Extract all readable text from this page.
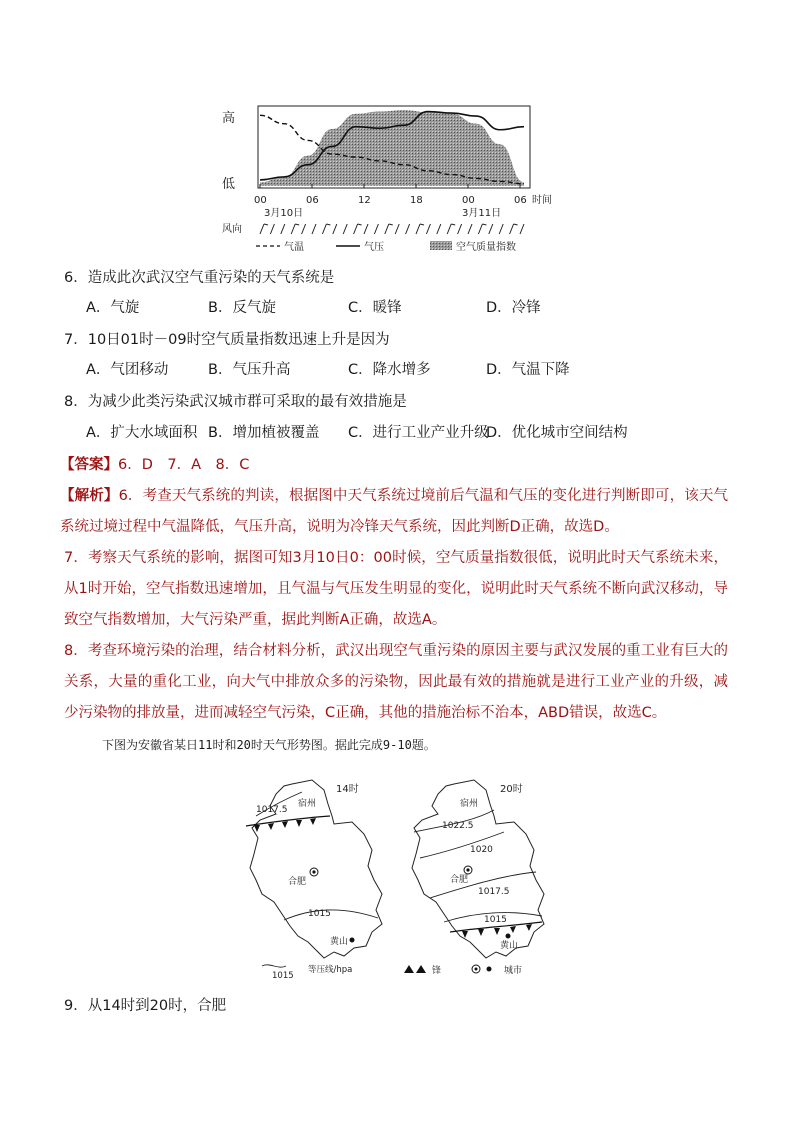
高
低
00	06	12	18	00	06 时间
3月10日	3月11日
风向
气温	气压	空气质量指数
6．造成此次武汉空气重污染的天气系统是
A．气旋	B．反气旋	C．暖锋	D．冷锋
7．10日01时－09时空气质量指数迅速上升是因为
A．气团移动	B．气压升高	C．降水增多	D．气温下降
8．为减少此类污染武汉城市群可采取的最有效措施是
A．扩大水域面积 B．增加植被覆盖 C．进行工业产业升级
D．优化城市空间结构
【答案】6．D　7．A　8．C
【解析】6．考查天气系统的判读，根据图中天气系统过境前后气温和气压的变化进行判断即可，该天气系统过境过程中气温降低，气压升高，说明为冷锋天气系统，因此判断D正确，故选D。
7．考察天气系统的影响，据图可知3月10日0：00时候，空气质量指数很低，说明此时天气系统未来，从1时开始，空气指数迅速增加，且气温与气压发生明显的变化，说明此时天气系统不断向武汉移动，导致空气指数增加，大气污染严重，据此判断A正确，故选A。
8．考查环境污染的治理，结合材料分析，武汉出现空气重污染的原因主要与武汉发展的重工业有巨大的关系，大量的重化工业，向大气中排放众多的污染物，因此最有效的措施就是进行工业产业的升级，减少污染物的排放量，进而减轻空气污染，C正确，其他的措施治标不治本，ABD错误，故选C。
下图为安徽省某日11时和20时天气形势图。据此完成9-10题。
14时
宿州
1017.5
合肥
1015
黄山
20时
宿州
1022.5
1020
合肥
1017.5
1015
黄山
1015
等压线/hpa	锋	城市
9．从14时到20时，合肥
